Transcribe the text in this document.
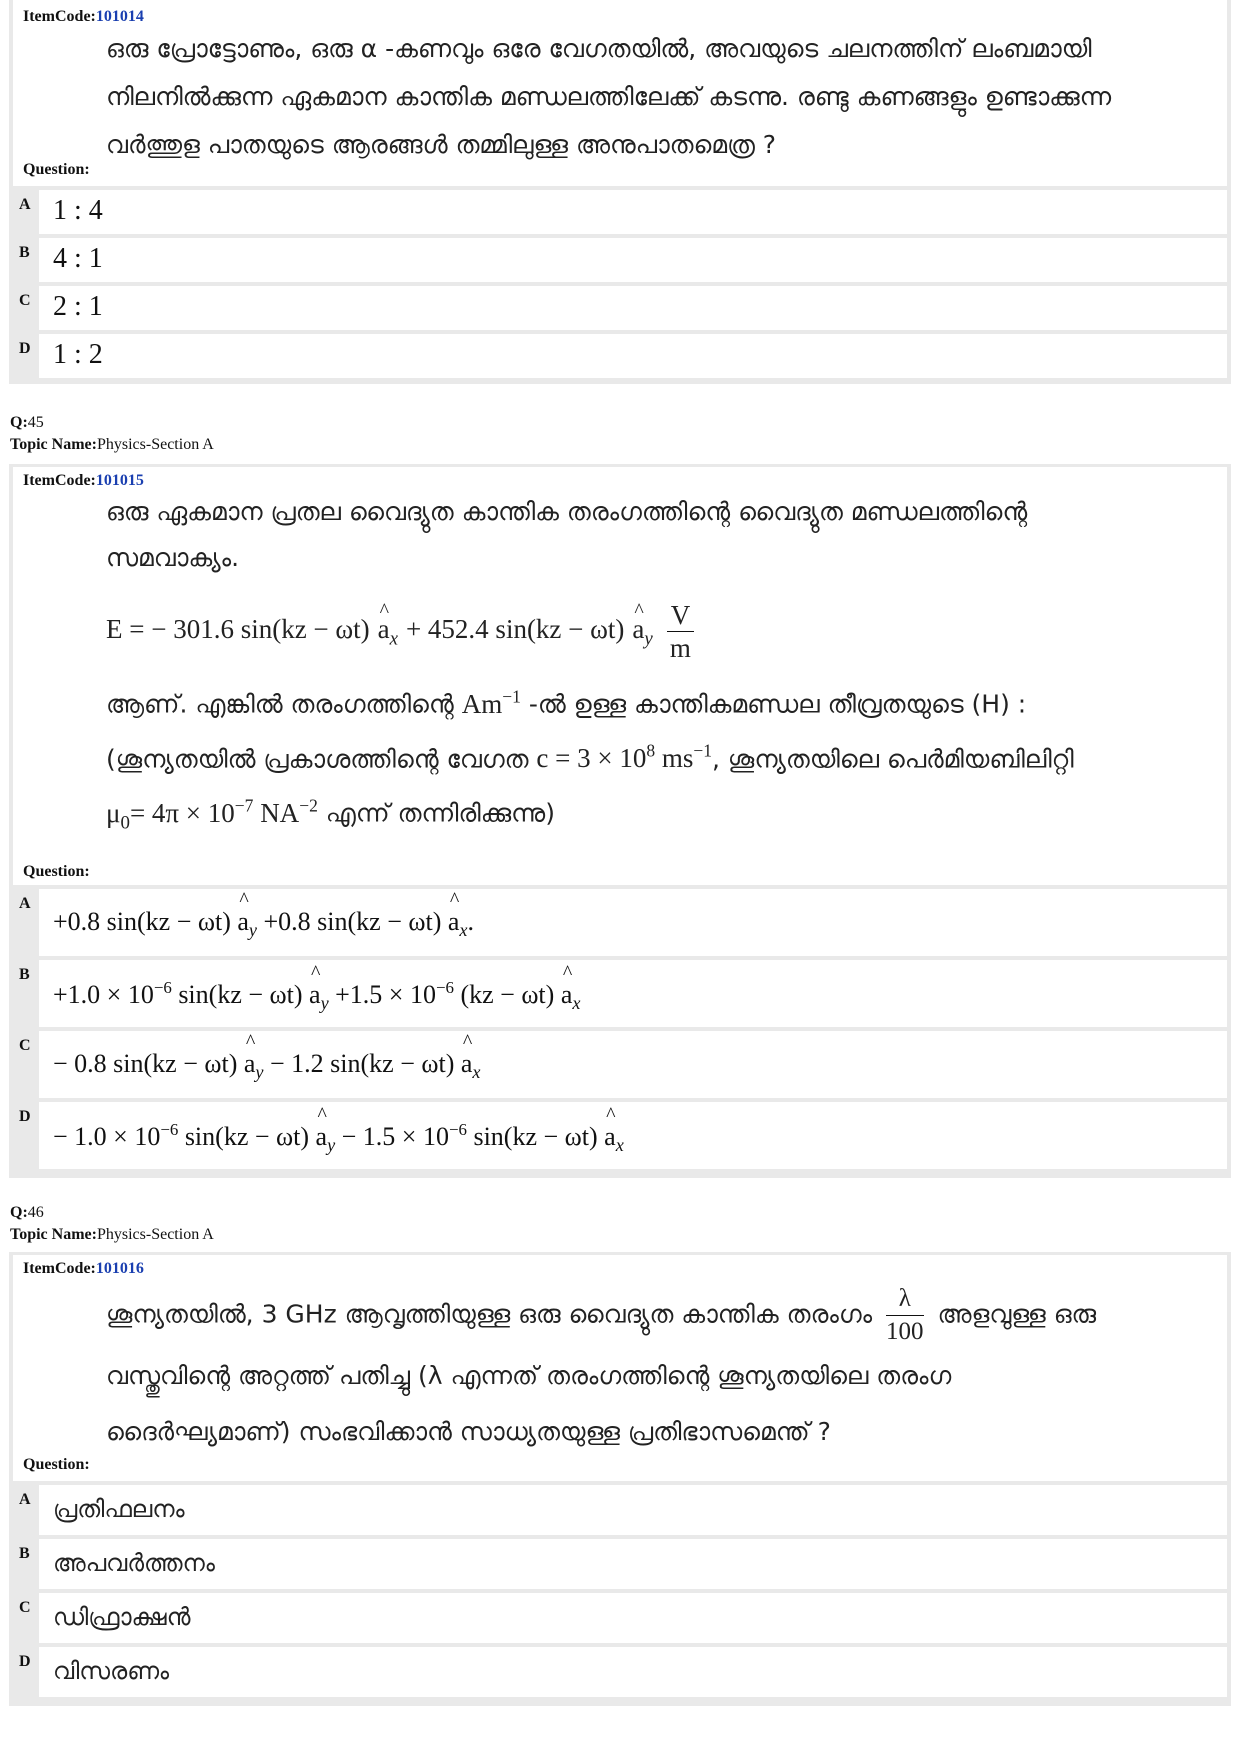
ItemCode:101014
ഒരു പ്രോട്ടോണും, ഒരു α -കണവും ഒരേ വേഗതയിൽ, അവയുടെ ചലനത്തിന് ലംബമായി
നിലനിൽക്കുന്ന ഏകമാന കാന്തിക മണ്ഡലത്തിലേക്ക് കടന്നു. രണ്ടു കണങ്ങളും ഉണ്ടാക്കുന്ന
വർത്തുള പാതയുടെ ആരങ്ങൾ തമ്മിലുള്ള അനുപാതമെത്ര ?
Question:
A 1 : 4
B 4 : 1
C 2 : 1
D 1 : 2
Q:45
Topic Name:Physics-Section A
ItemCode:101015
ഒരു ഏകമാന പ്രതല വൈദ്യുത കാന്തിക തരംഗത്തിന്റെ വൈദ്യുത മണ്ഡലത്തിന്റെ
സമവാക്യം.
E = − 301.6 sin(kz − ωt) ^ $a_x + 452.4$ sin(kz − ωt) ^ $a_y \frac{V}{m}$
ആണ്. എങ്കിൽ തരംഗത്തിന്റെ $Am^{-1}$ -ൽ ഉള്ള കാന്തികമണ്ഡല തീവ്രതയുടെ (H) :
(ശൂന്യതയിൽ പ്രകാശത്തിന്റെ വേഗത $c = 3 \times 10^8$ $ms^{-1}$, ശൂന്യതയിലെ പെർമിയബിലിറ്റി
$\mu_0= 4\pi \times 10^{-7}$ $NA^{-2}$ എന്ന് തന്നിരിക്കുന്നു)
Question:
A
+0.8 sin(kz − ωt) ^ $a_y +0.8$ sin(kz − ωt) ^ $a_x$.
B
$+1.0 \times 10^{-6}$ sin(kz − ωt) ^ $a_y +1.5 \times 10^{-6}$ (kz − ωt) ^ $a_x$
C
− 0.8 sin(kz − ωt) ^ $a_y - 1.2$ sin(kz − ωt) ^ $a_x$
D
− $1.0 \times 10^{-6}$ sin(kz − ωt) ^ $a_y - 1.5 \times 10^{-6}$ sin(kz − ωt) ^ $a_x$
Q:46
Topic Name:Physics-Section A
ItemCode:101016
ശൂന്യതയിൽ, 3 GHz ആവൃത്തിയുള്ള ഒരു വൈദ്യുത കാന്തിക തരംഗം $\frac{\lambda}{100}$ അളവുള്ള ഒരു
വസ്തുവിന്റെ അറ്റത്ത് പതിച്ചു (λ എന്നത് തരംഗത്തിന്റെ ശൂന്യതയിലെ തരംഗ
ദൈർഘ്യമാണ്) സംഭവിക്കാൻ സാധ്യതയുള്ള പ്രതിഭാസമെന്ത് ?
Question:
A പ്രതിഫലനം
B അപവർത്തനം
C ഡിഫ്രാക്ഷൻ
D വിസരണം
